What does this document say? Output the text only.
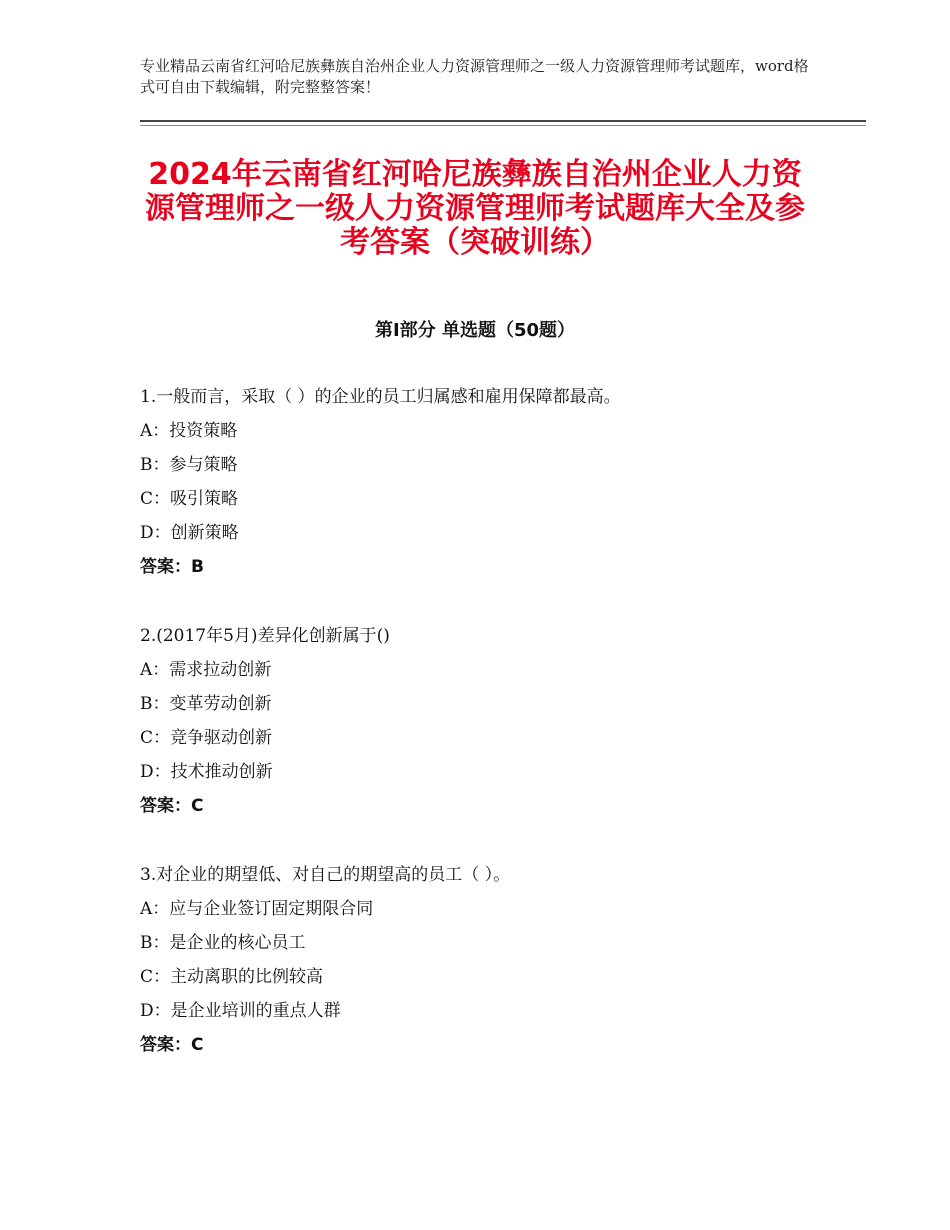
专业精品云南省红河哈尼族彝族自治州企业人力资源管理师之一级人力资源管理师考试题库，word格式可自由下载编辑，附完整整答案！
2024年云南省红河哈尼族彝族自治州企业人力资源管理师之一级人力资源管理师考试题库大全及参考答案（突破训练）
第Ⅰ部分 单选题（50题）
1.一般而言，采取（ ）的企业的员工归属感和雇用保障都最高。
A：投资策略
B：参与策略
C：吸引策略
D：创新策略
答案：B
2.(2017年5月)差异化创新属于()
A：需求拉动创新
B：变革劳动创新
C：竞争驱动创新
D：技术推动创新
答案：C
3.对企业的期望低、对自己的期望高的员工（ ）。
A：应与企业签订固定期限合同
B：是企业的核心员工
C：主动离职的比例较高
D：是企业培训的重点人群
答案：C
